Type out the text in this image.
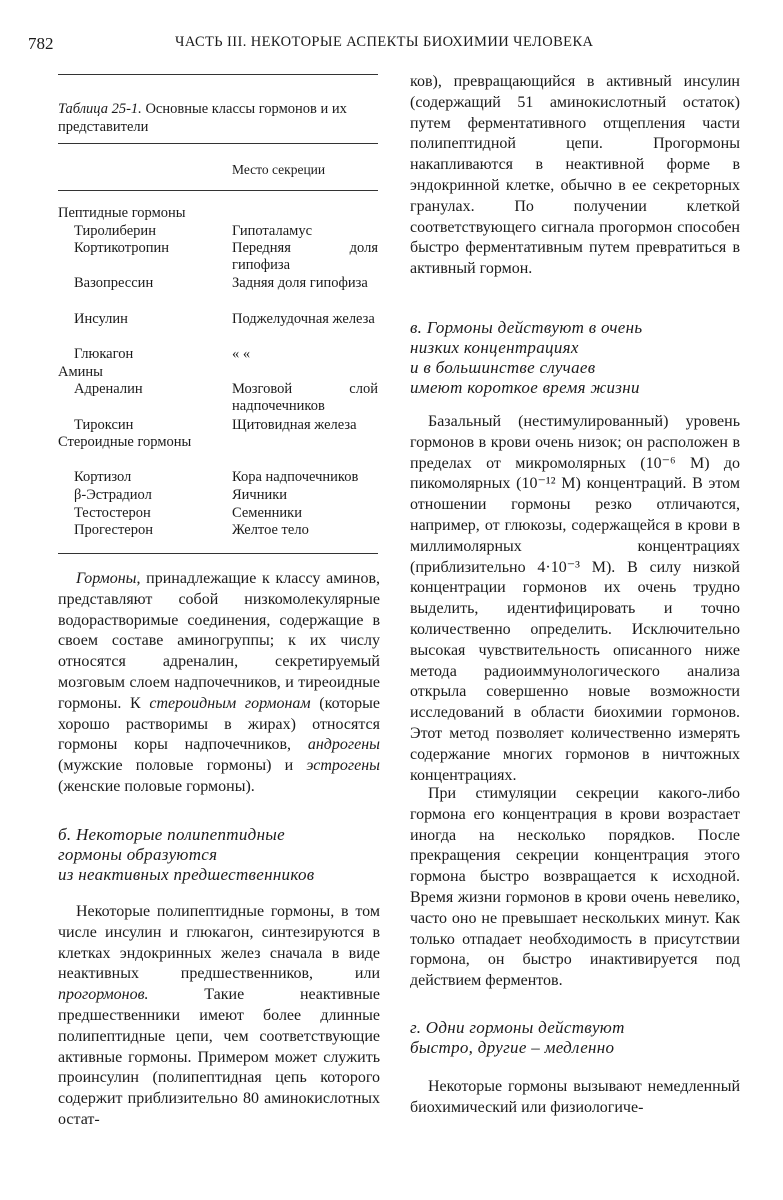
782	ЧАСТЬ III. НЕКОТОРЫЕ АСПЕКТЫ БИОХИМИИ ЧЕЛОВЕКА
Таблица 25-1. Основные классы гормонов и их представители
Место секреции
Пептидные гормоны
Тиролиберин	Гипоталамус
Кортикотропин	Передняя доля гипофиза
Вазопрессин	Задняя доля гипофиза
Инсулин	Поджелудочная железа
Глюкагон	« «
Амины
Адреналин	Мозговой слой надпочечников
Тироксин	Щитовидная железа
Стероидные гормоны
Кортизол	Кора надпочечников
β-Эстрадиол	Яичники
Тестостерон	Семенники
Прогестерон	Желтое тело
Гормоны, принадлежащие к классу аминов, представляют собой низкомолекулярные водорастворимые соединения, содержащие в своем составе аминогруппы; к их числу относятся адреналин, секретируемый мозговым слоем надпочечников, и тиреоидные гормоны. К стероидным гормонам (которые хорошо растворимы в жирах) относятся гормоны коры надпочечников, андрогены (мужские половые гормоны) и эстрогены (женские половые гормоны).
б. Некоторые полипептидные
гормоны образуются
из неактивных предшественников
Некоторые полипептидные гормоны, в том числе инсулин и глюкагон, синтезируются в клетках эндокринных желез сначала в виде неактивных предшественников, или прогормонов. Такие неактивные предшественники имеют более длинные полипептидные цепи, чем соответствующие активные гормоны. Примером может служить проинсулин (полипептидная цепь которого содержит приблизительно 80 аминокислотных остат-
ков), превращающийся в активный инсулин (содержащий 51 аминокислотный остаток) путем ферментативного отщепления части полипептидной цепи. Прогормоны накапливаются в неактивной форме в эндокринной клетке, обычно в ее секреторных гранулах. По получении клеткой соответствующего сигнала прогормон способен быстро ферментативным путем превратиться в активный гормон.
в. Гормоны действуют в очень
низких концентрациях
и в большинстве случаев
имеют короткое время жизни
Базальный (нестимулированный) уровень гормонов в крови очень низок; он расположен в пределах от микромолярных (10⁻⁶ М) до пикомолярных (10⁻¹² М) концентраций. В этом отношении гормоны резко отличаются, например, от глюкозы, содержащейся в крови в миллимолярных концентрациях (приблизительно 4·10⁻³ М). В силу низкой концентрации гормонов их очень трудно выделить, идентифицировать и точно количественно определить. Исключительно высокая чувствительность описанного ниже метода радиоиммунологического анализа открыла совершенно новые возможности исследований в области биохимии гормонов. Этот метод позволяет количественно измерять содержание многих гормонов в ничтожных концентрациях.
При стимуляции секреции какого-либо гормона его концентрация в крови возрастает иногда на несколько порядков. После прекращения секреции концентрация этого гормона быстро возвращается к исходной. Время жизни гормонов в крови очень невелико, часто оно не превышает нескольких минут. Как только отпадает необходимость в присутствии гормона, он быстро инактивируется под действием ферментов.
г. Одни гормоны действуют
быстро, другие – медленно
Некоторые гормоны вызывают немедленный биохимический или физиологиче-
